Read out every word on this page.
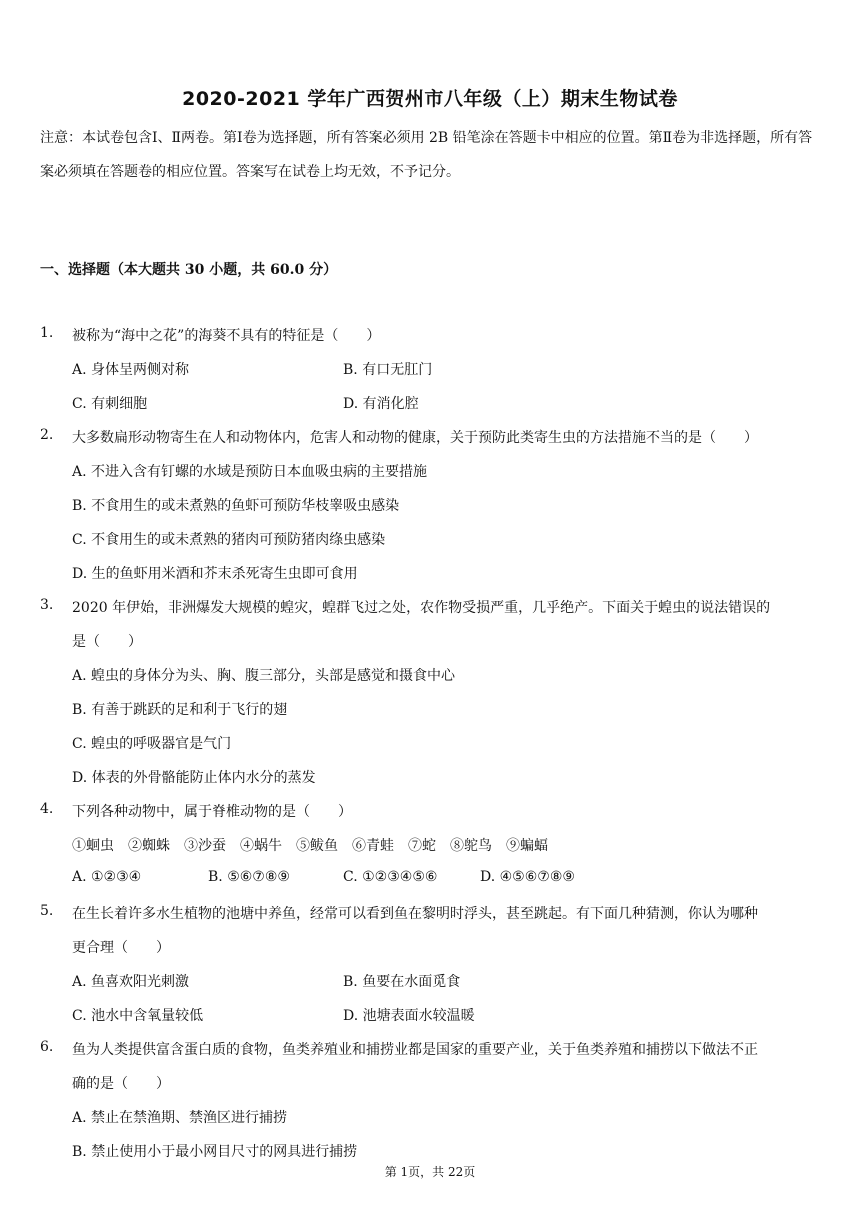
2020-2021 学年广西贺州市八年级（上）期末生物试卷
注意：本试卷包含Ⅰ、Ⅱ两卷。第Ⅰ卷为选择题，所有答案必须用 2B 铅笔涂在答题卡中相应的位置。第Ⅱ卷为非选择题，所有答案必须填在答题卷的相应位置。答案写在试卷上均无效，不予记分。
一、选择题（本大题共 30 小题，共 60.0 分）
1. 被称为“海中之花”的海葵不具有的特征是（　　）
A. 身体呈两侧对称	B. 有口无肛门
C. 有刺细胞	D. 有消化腔
2. 大多数扁形动物寄生在人和动物体内，危害人和动物的健康，关于预防此类寄生虫的方法措施不当的是（　　）
A. 不进入含有钉螺的水域是预防日本血吸虫病的主要措施
B. 不食用生的或未煮熟的鱼虾可预防华枝睾吸虫感染
C. 不食用生的或未煮熟的猪肉可预防猪肉绦虫感染
D. 生的鱼虾用米酒和芥末杀死寄生虫即可食用
3. 2020 年伊始，非洲爆发大规模的蝗灾，蝗群飞过之处，农作物受损严重，几乎绝产。下面关于蝗虫的说法错误的
是（　　）
A. 蝗虫的身体分为头、胸、腹三部分，头部是感觉和摄食中心
B. 有善于跳跃的足和利于飞行的翅
C. 蝗虫的呼吸器官是气门
D. 体表的外骨骼能防止体内水分的蒸发
4. 下列各种动物中，属于脊椎动物的是（　　）
①蛔虫　②蜘蛛　③沙蚕　④蜗牛　⑤鲅鱼　⑥青蛙　⑦蛇　⑧鸵鸟　⑨蝙蝠
A. ①②③④	B. ⑤⑥⑦⑧⑨	C. ①②③④⑤⑥	D. ④⑤⑥⑦⑧⑨
5. 在生长着许多水生植物的池塘中养鱼，经常可以看到鱼在黎明时浮头，甚至跳起。有下面几种猜测，你认为哪种
更合理（　　）
A. 鱼喜欢阳光刺激	B. 鱼要在水面觅食
C. 池水中含氧量较低	D. 池塘表面水较温暖
6. 鱼为人类提供富含蛋白质的食物，鱼类养殖业和捕捞业都是国家的重要产业，关于鱼类养殖和捕捞以下做法不正
确的是（　　）
A. 禁止在禁渔期、禁渔区进行捕捞
B. 禁止使用小于最小网目尺寸的网具进行捕捞
第 1页，共 22页
